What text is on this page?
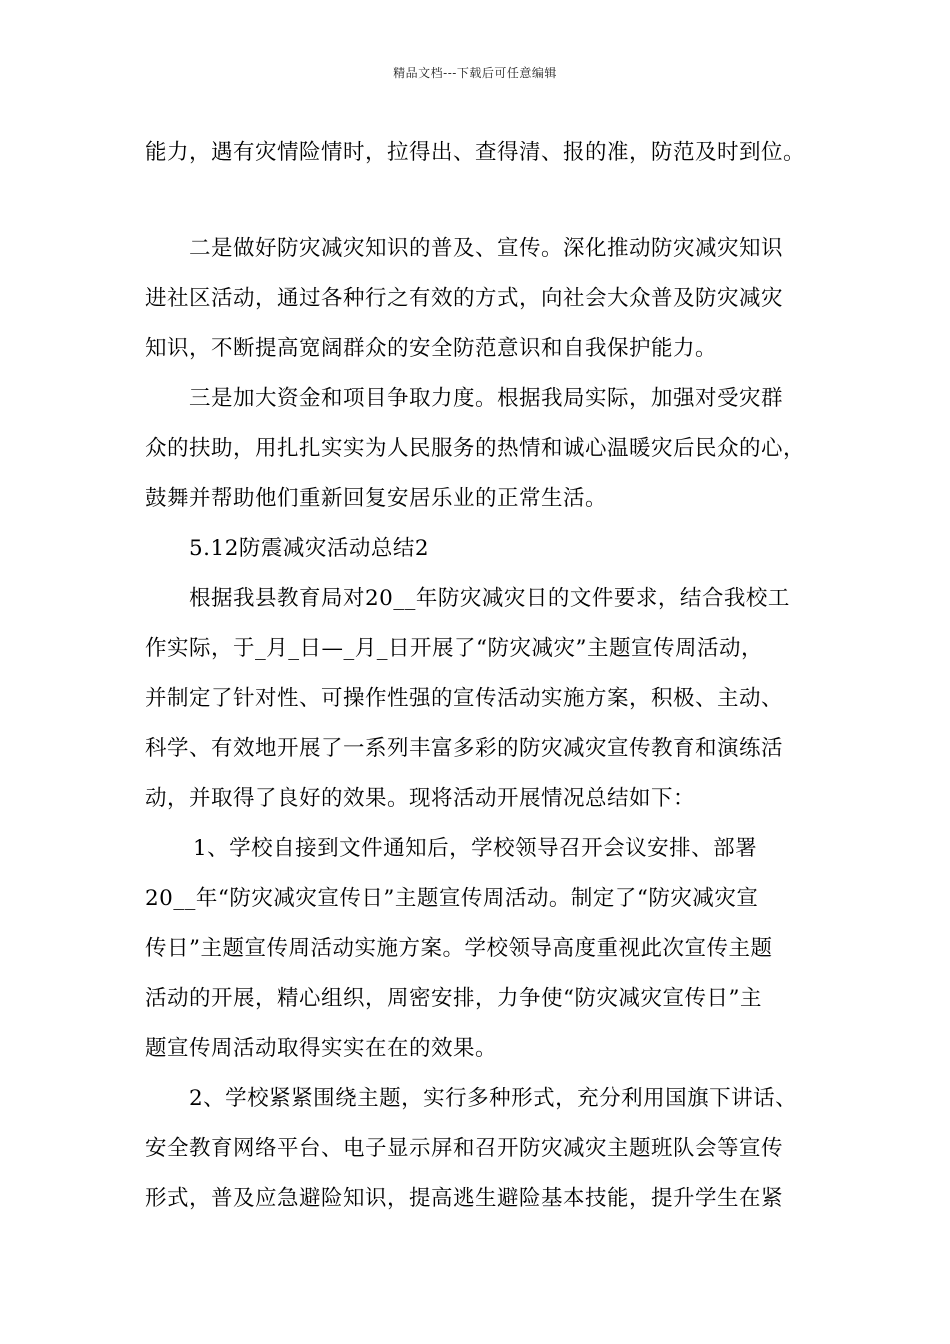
精品文档---下载后可任意编辑
能力，遇有灾情险情时，拉得出、查得清、报的准，防范及时到位。
二是做好防灾减灾知识的普及、宣传。深化推动防灾减灾知识
进社区活动，通过各种行之有效的方式，向社会大众普及防灾减灾
知识，不断提高宽阔群众的安全防范意识和自我保护能力。
三是加大资金和项目争取力度。根据我局实际，加强对受灾群
众的扶助，用扎扎实实为人民服务的热情和诚心温暖灾后民众的心，
鼓舞并帮助他们重新回复安居乐业的正常生活。
5.12防震减灾活动总结2
根据我县教育局对20__年防灾减灾日的文件要求，结合我校工
作实际，于_月_日—_月_日开展了“防灾减灾”主题宣传周活动，
并制定了针对性、可操作性强的宣传活动实施方案，积极、主动、
科学、有效地开展了一系列丰富多彩的防灾减灾宣传教育和演练活
动，并取得了良好的效果。现将活动开展情况总结如下：
1、学校自接到文件通知后，学校领导召开会议安排、部署
20__年“防灾减灾宣传日”主题宣传周活动。制定了“防灾减灾宣
传日”主题宣传周活动实施方案。学校领导高度重视此次宣传主题
活动的开展，精心组织，周密安排，力争使“防灾减灾宣传日”主
题宣传周活动取得实实在在的效果。
2、学校紧紧围绕主题，实行多种形式，充分利用国旗下讲话、
安全教育网络平台、电子显示屏和召开防灾减灾主题班队会等宣传
形式，普及应急避险知识，提高逃生避险基本技能，提升学生在紧
